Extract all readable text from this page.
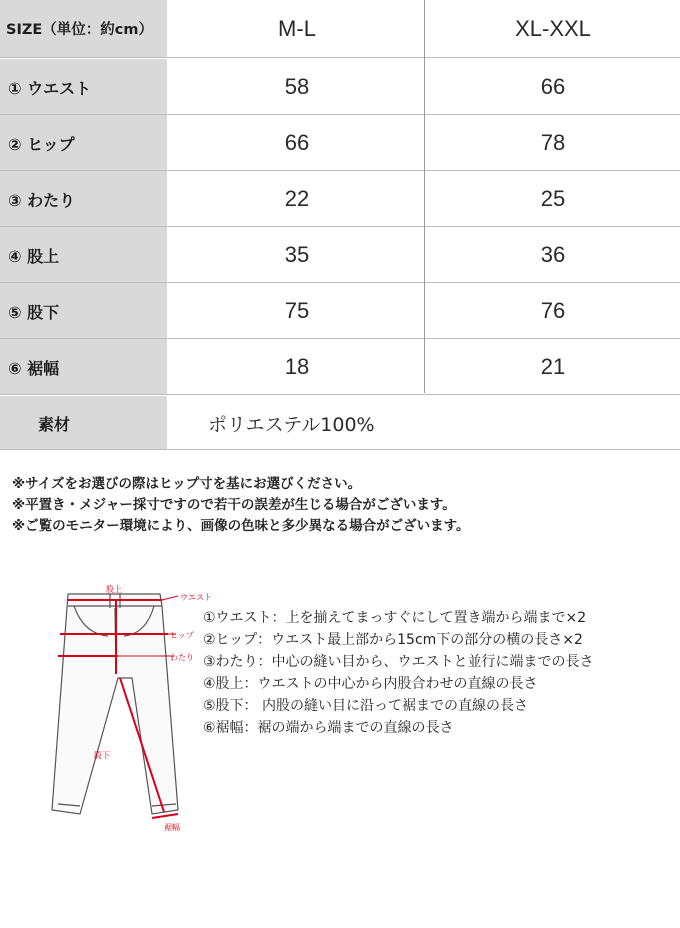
SIZE（単位：約cm）	M-L	XL-XXL
① ウエスト	58	66
② ヒップ	66	78
③ わたり	22	25
④ 股上	35	36
⑤ 股下	75	76
⑥ 裾幅	18	21
素材	ポリエステル100%
※サイズをお選びの際はヒップ寸を基にお選びください。
※平置き・メジャー採寸ですので若干の誤差が生じる場合がございます。
※ご覧のモニター環境により、画像の色味と多少異なる場合がございます。
股上
ウエスト
ヒップ
わたり
股下
裾幅
①ウエスト：上を揃えてまっすぐにして置き端から端まで×2
②ヒップ：ウエスト最上部から15cm下の部分の横の長さ×2
③わたり：中心の縫い目から、ウエストと並行に端までの長さ
④股上：ウエストの中心から内股合わせの直線の長さ
⑤股下： 内股の縫い目に沿って裾までの直線の長さ
⑥裾幅：裾の端から端までの直線の長さ
